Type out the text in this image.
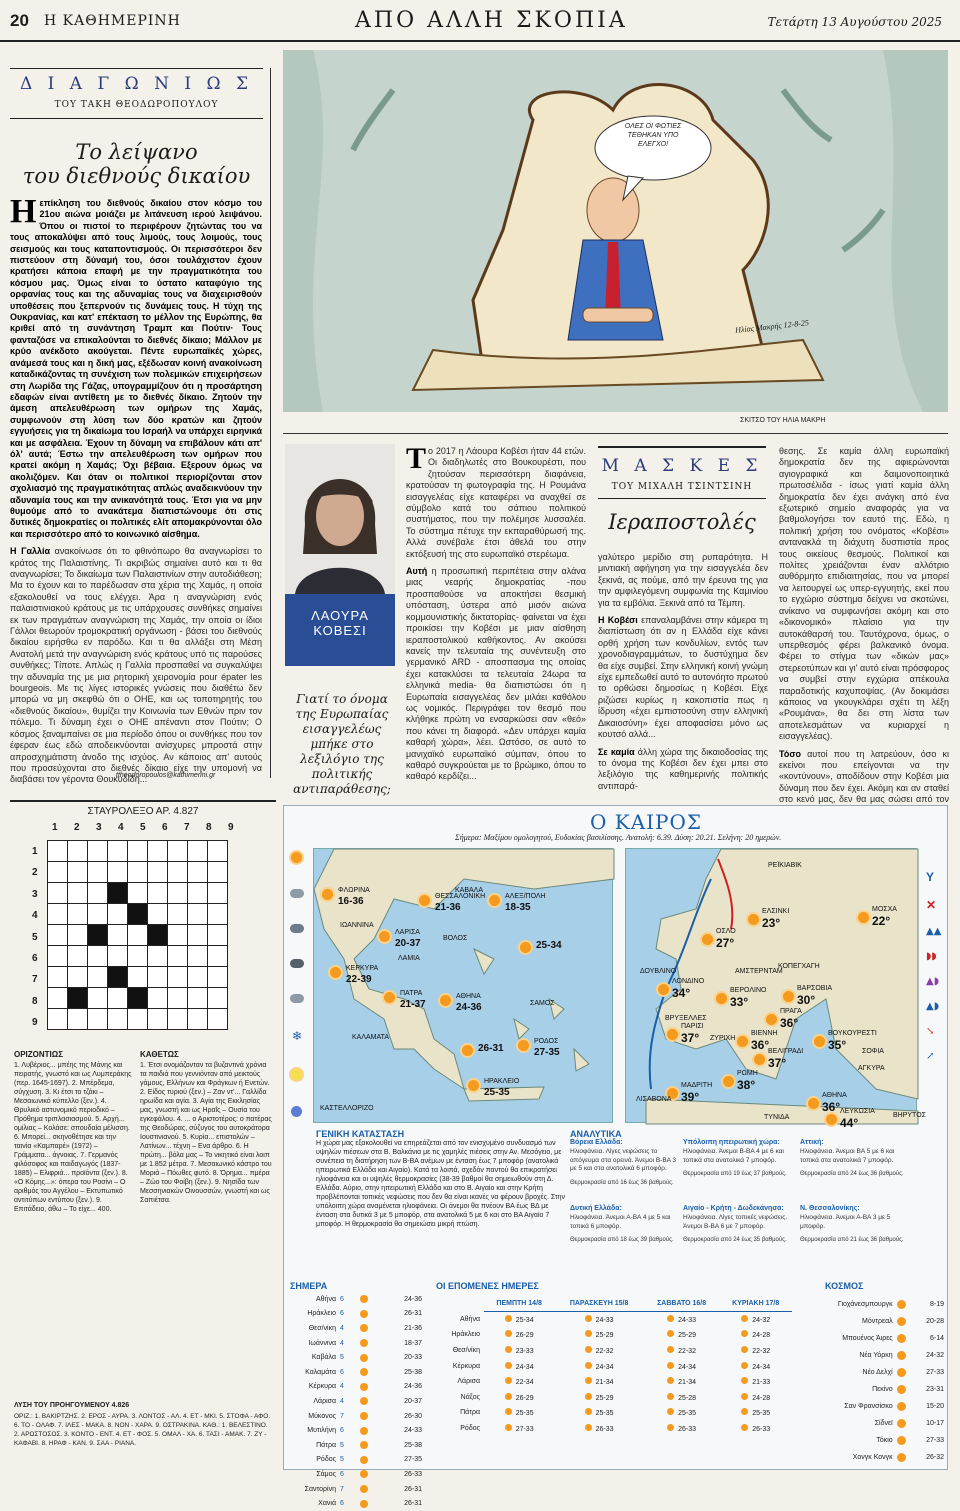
20 Η ΚΑΘΗΜΕΡΙΝΗ	ΑΠΟ ΑΛΛΗ ΣΚΟΠΙΑ	Τετάρτη 13 Αυγούστου 2025
Δ Ι Α Γ Ω Ν Ι Ω Σ
ΤΟΥ ΤΑΚΗ ΘΕΟΔΩΡΟΠΟΥΛΟΥ
Το λείψανο
του διεθνούς δικαίου
Ηεπίκληση του διεθνούς δικαίου στον κόσμο του 21ου αιώνα μοιάζει με λιτάνευση ιερού λειψάνου. Όπου οι πιστοί το περιφέρουν ζητώντας του να τους αποκαλύψει από τους λιμούς, τους λοιμούς, τους σεισμούς και τους καταποντισμούς. Οι περισσότεροι δεν πιστεύουν στη δύναμή του, όσοι τουλάχιστον έχουν κρατήσει κάποια επαφή με την πραγματικότητα του κόσμου μας. Όμως είναι το ύστατο καταφύγιο της ορφανίας τους και της αδυναμίας τους να διαχειρισθούν υποθέσεις που ξεπερνούν τις δυνάμεις τους. Η τύχη της Ουκρανίας, και κατ' επέκταση το μέλλον της Ευρώπης, θα κριθεί από τη συνάντηση Τραμπ και Πούτιν· Τους φανταζόσε να επικαλούνται το διεθνές δίκαιο; Μάλλον με κρύο ανέκδοτο ακούγεται. Πέντε ευρωπαϊκές χώρες, ανάμεσά τους και η δική μας, εξέδωσαν κοινή ανακοίνωση καταδικάζοντας τη συνέχιση των πολεμικών επιχειρήσεων στη Λωρίδα της Γάζας, υπογραμμίζουν ότι η προσάρτηση εδαφών είναι αντίθετη με το διεθνές δίκαιο. Ζητούν την άμεση απελευθέρωση των ομήρων της Χαμάς, συμφωνούν στη λύση των δύο κρατών και ζητούν εγγυήσεις για τη δικαίωμα του Ισραήλ να υπάρχει ειρηνικά και με ασφάλεια. Έχουν τη δύναμη να επιβάλουν κάτι απ' όλ' αυτά; Έστω την απελευθέρωση των ομήρων που κρατεί ακόμη η Χαμάς; Όχι βέβαια. Εξερουν όμως να ακολιζόμεν. Και όταν οι πολιτικοί περιορίζονται στον σχολιασμό της πραγματικότητας απλώς αναδεικνύουν την αδυναμία τους και την ανικανότητά τους. Έτσι για να μην θυμούμε από το ανακάτεμα διαπιστώνουμε ότι στις δυτικές δημοκρατίες οι πολιτικές ελίτ απομακρύνονται όλο και περισσότερο από το κοινωνικό αίσθημα.
Η Γαλλία ανακοίνωσε ότι το φθινόπωρο θα αναγνωρίσει το κράτος της Παλαιστίνης. Τι ακριβώς σημαίνει αυτό και τι θα αναγνωρίσει; Το δικαίωμα των Παλαιστινίων στην αυτοδιάθεση; Μα το έχουν και το παρέδωσαν στα χέρια της Χαμάς, η οποία εξακολουθεί να τους ελέγχει. Άρα η αναγνώριση ενός παλαιστινιακού κράτους με τις υπάρχουσες συνθήκες σημαίνει εκ των πραγμάτων αναγνώριση της Χαμάς, την οποία οι ίδιοι Γάλλοι θεωρούν τρομοκρατική οργάνωση - βάσει του διεθνούς δικαίου ειρήσθω εν παρόδω. Και τι θα αλλάξει στη Μέση Ανατολή μετά την αναγνώριση ενός κράτους υπό τις παρούσες συνθήκες; Τίποτε. Απλώς η Γαλλία προσπαθεί να συγκαλύψει την αδυναμία της με μια ρητορική χειρονομία pour épater les bourgeois. Με τις λίγες ιστορικές γνώσεις που διαθέτω δεν μπορώ να μη σκεφθώ ότι ο ΟΗΕ, και ως τοποτηρητής του «διεθνούς δικαίου», θυμίζει την Κοινωνία των Εθνών πριν τον πόλεμο. Τι δύναμη έχει ο ΟΗΕ απέναντι στον Πούτιν; Ο κόσμος ξαναμπαίνει σε μια περίοδο όπου οι συνθήκες που τον έφεραν έως εδώ αποδεικνύονται ανίσχυρες μπροστά στην απροσχημάτιστη άνοδο της ισχύος. Αν κάποιος απ' αυτούς που προσεύχονται στο διεθνές δίκαιο είχε την υπομονή να διαβάσει τον γέροντα Θουκυδίδη...
ttheodoropoulos@kathimerini.gr
ΟΛΕΣ ΟΙ ΦΩΤΙΕΣ ΤΕΘΗΚΑΝ ΥΠΟ ΕΛΕΓΧΟ!
Ηλίας Μακρής 12-8-25
ΣΚΙΤΣΟ ΤΟΥ ΗΛΙΑ ΜΑΚΡΗ
ΛΑΟΥΡΑ
ΚΟΒΕΣΙ
Γιατί το όνομα της Ευρωπαίας εισαγγελέως μπήκε στο λεξιλόγιο της πολιτικής αντιπαράθεσης;
Το 2017 η Λάουρα Κοβέσι ήταν 44 ετών. Οι διαδηλωτές στο Βουκουρέστι, που ζητούσαν περισσότερη διαφάνεια, κρατούσαν τη φωτογραφία της. Η Ρουμάνα εισαγγελέας είχε καταφέρει να αναχθεί σε σύμβολο κατά του σάπιου πολιτικού συστήματος, που την πολέμησε λυσσαλέα. Το σύστημα πέτυχε την εκπαραθύρωσή της. Αλλά συνέβαλε έτσι άθελά του στην εκτόξευσή της στο ευρωπαϊκό στερέωμα.
Αυτή η προσωπική περιπέτεια στην αλάνα μιας νεαρής δημοκρατίας -που προσπαθούσε να αποκτήσει θεσμική υπόσταση, ύστερα από μισόν αιώνα κομμουνιστικής δικτατορίας- φαίνεται να έχει προικίσει την Κοβέσι με μιαν αίσθηση ιεραποστολικού καθήκοντος. Αν ακούσει κανείς την τελευταία της συνέντευξη στο γερμανικό ARD - αποσπασμα της οποίας έχει κατακλύσει τα τελευταία 24ωρα τα ελληνικά media- θα διαπιστώσει ότι η Ευρωπαία εισαγγελέας δεν μιλάει καθόλου ως νομικός. Περιγράφει τον θεσμό που κλήθηκε πρώτη να ενσαρκώσει σαν «θεό» που κάνει τη διαφορά. «Δεν υπάρχει καμία καθαρή χώρα», λέει. Ωστόσο, σε αυτό το μανιχαϊκό ευρωπαϊκό σύμπαν, όπου το καθαρό συγκρούεται με το βρώμικο, όπου το καθαρό κερδίζει...
Μ Α Σ Κ Ε Σ
ΤΟΥ ΜΙΧΑΛΗ ΤΣΙΝΤΣΙΝΗ
Ιεραποστολές
γαλύτερο μερίδιο στη ρυπαρότητα. Η μιντιακή αφήγηση για την εισαγγελέα δεν ξεκινά, ας πούμε, από την έρευνα της για την αμφιλεγόμενη συμφωνία της Καμινίου για τα εμβόλια. Ξεκινά από τα Τέμπη.
Η Κοβέσι επαναλαμβάνει στην κάμερα τη διαπίστωση ότι αν η Ελλάδα είχε κάνει ορθή χρήση των κονδυλίων, εντός των χρονοδιαγραμμάτων, το δυστύχημα δεν θα είχε συμβεί. Στην ελληνική κοινή γνώμη είχε εμπεδωθεί αυτό το αυτονόητο πρωτού το ορθώσει δημοσίως η Κοβέσι. Είχε ριζώσει κυρίως η κακοπιστία πως η ίδρυση «έχει εμπιστοσύνη στην ελληνική Δικαιοσύνη» έχει αποφασίσει μόνο ως κουτσό αλλά...
Σε καμία άλλη χώρα της δικαιοδοσίας της το όνομα της Κοβέσι δεν έχει μπει στο λεξιλόγιο της καθημερινής πολιτικής αντιπαρά-
θεσης. Σε καμία άλλη ευρωπαϊκή δημοκρατία δεν της αφιερώνονται αγιογραφικά και δαιμονοποιητικά πρωτοσέλιδα - ίσως γιατί καμία άλλη δημοκρατία δεν έχει ανάγκη από ένα εξωτερικό σημείο αναφοράς για να βαθμολογήσει τον εαυτό της. Εδώ, η πολιτική χρήση του ονόματος «Κοβέσι» αντανακλά τη διάχυτη δυσπιστία προς τους οικείους θεσμούς. Πολιτικοί και πολίτες χρειάζονται έναν αλλότριο αυθόρμητο επιδιαιτησίας, που να μπορεί να λειτουργεί ως υπερ-εγγυητής, εκεί που το εγχώριο σύστημα δείχνει να σκοτώνει, ανίκανο να συμφωνήσει ακόμη και στο «δικονομικό» πλαίσιο για την αυτοκάθαρσή του. Ταυτόχρονα, όμως, ο υπερθεσμός φέρει βαλκανικό όνομα. Φέρει το στίγμα των «δικών μας» στερεοτύπων και γι' αυτό είναι πρόσφορος να συμβεί στην εγχώρια απέκουλα παραδοτικής καχυποψίας. (Αν δοκιμάσει κάποιος να γκουγκλάρει σχέτι τη λέξη «Ρουμάνα», θα δει στη λίστα των αποτελεσμάτων να κυριαρχεί η εισαγγελέας).
Τόσο αυτοί που τη λατρεύουν, όσο κι εκείνοι που επείγονται να την «κοντύνουν», αποδίδουν στην Κοβέσι μια δύναμη που δεν έχει. Ακόμη και αν σταθεί στο κενό μας, δεν θα μας σώσει από τον
ΣΤΑΥΡΟΛΕΞΟ ΑΡ. 4.827
1 2 3 4 5 6 7 8 9
1
2
3
4
5
6
7
8
9

ΟΡΙΖΟΝΤΙΩΣ	ΚΑΘΕΤΩΣ
1. Λυβέριος... μπέης της Μάνης και πειρατής, γνωστό και ως Λυμπεράκης (περ. 1645-1697). 2. Μπέρδεμα, σύγχυση. 3. Κι έτσι το τζάκι – Μεσαιωνικό κύπελλο (ξεν.). 4. Θρυλικό αστυνομικό περιοδικό – Πρόθημα τριπλασιασμού. 5. Αρχή... ομίλιας – Κολάσε: σπουδαία μέλισση. 6. Μπορεί... σκηνοθέτησε και την ταινία «Καμπαρέ» (1972) – Γράμματα... άγνοιας. 7. Γερμανός φιλόσοφος και παιδαγωγός (1837-1885) – Ελιφριά... προϊόντα (ξεν.). 8. «Ο Κόμης...»: όπερα του Ροσίνι – Ο αριθμός του Αγγέλου – Εκτυπωτικό αντιτύπων εντύπου (ξεν.). 9. Επιτάδειο, άθω – Το είχε... 400.
1. Έτσι ονομάζονταν τα βυζαντινά χρόνια τα παιδιά που γεννιόνταν από μεικτούς γάμους, Ελλήνων και Φράγκων ή Ενετών. 2. Είδος τυριού (ξεν.) – Ζαν ντ'... Γαλλίδα ηρωίδα και αγία. 3. Αγία της Εκκλησίας μας, γνωστή και ως Ηραΐς – Ουσία του εγκεφάλου. 4. ... ο Αριστοτέρος: ο πατέρας της Θεοδώρας, σύζυγος του αυτοκράτορα Ιουστινιανού. 5. Κυρία... επιστολών – Λατίνων... τέχνη – Ενα άρθρο. 6. Η πρώτη... βόλα μας – Το νικητικό είναι λοιπ με 1.852 μέτρα. 7. Μεσαιωνικό κάστρο του Μοριά – Πόωθες φυτό. 8. Όρημα... πμέρα – Ζώο του Φοίβη (ξεν.). 9. Νησίδα των Μεσσηνιακών Οινουσσών, γνωστή και ως Σαπιέτσα.
ΛΥΣΗ ΤΟΥ ΠΡΟΗΓΟΥΜΕΝΟΥ 4.826
ΟΡΙΖ.: 1. ΒΑΚΙΡΤΖΗΣ. 2. ΕΡΟΣ - ΑΥΡΑ. 3. ΛΟΝΤΟΣ - ΑΛ. 4. ΕΤ - ΜΚΙ. 5. ΣΤΟΦΑ - ΑΦΟ. 6. ΤΟ - ΟΛΑΦ. 7. ΙΛΕΣ - ΜΑΚΑ. 8. ΝΟΝ - ΧΑΡΑ. 9. ΟΣΤΡΑΚΙΝΑ. ΚΑΘ.: 1. ΒΕΛΕΣΤΙΝΟ. 2. ΑΡΩΣΤΟΣΟΣ. 3. ΚΟΝΤΟ - ΕΝΤ. 4. ΕΤ - ΦΟΣ. 5. ΟΜΑΛ - ΧΑ. 6. ΤΑΣΙ - ΑΜΑΚ. 7. ΖΥ - ΚΑΦΑΒΙ. 8. ΗΡΑΦ - ΚΑΝ. 9. ΣΑΑ - ΡΙΑΝΑ.
Ο ΚΑΙΡΟΣ
Σήμερα: Μαξίμου ομολογητού, Ευδοκίας βασιλίσσης. Ανατολή: 6.39. Δύση: 20.21. Σελήνη: 20 ημερών.
❄
Y
✕
▲▲
◗◗
▲◗
▲◗
↘
↗
ΚΑΒΑΛΑ
ΦΛΩΡΙΝΑ
16-36	ΘΕΣΣΑΛΟΝΙΚΗ
21-36
ΑΛΕΞ/ΠΟΛΗ
18-35
ΙΩΑΝΝΙΝΑ
ΛΑΡΙΣΑ
20-37	ΒΟΛΟΣ
ΛΑΜΙΑ
ΚΕΡΚΥΡΑ
22-39
25-34
ΠΑΤΡΑ
21-37
ΑΘΗΝΑ
24-36	ΣΑΜΟΣ
ΚΑΛΑΜΑΤΑ
ΡΟΔΟΣ
27-35
26-31
ΗΡΑΚΛΕΙΟ
25-35
ΚΑΣΤΕΛΛΟΡΙΖΟ
ΡΕΪΚΙΑΒΙΚ
ΕΛΣΙΝΚΙ
23°
ΜΟΣΧΑ
22°
ΟΣΛΟ
27°
ΑΜΣΤΕΡΝΤΑΜ
ΚΟΠΕΓΧΑΓΗ
ΔΟΥΒΛΙΝΟ
ΛΟΝΔΙΝΟ
34°	ΒΕΡΟΛΙΝΟ
33°
ΒΑΡΣΟΒΙΑ
30°
ΠΡΑΓΑ
36°
ΒΡΥΞΕΛΛΕΣ
ΠΑΡΙΣΙ
37° ΖΥΡΙΧΗ
ΒΙΕΝΝΗ
36°
ΒΟΥΚΟΥΡΕΣΤΙ
35°
ΒΕΛΙΓΡΑΔΙ
37°
ΣΟΦΙΑ
ΜΑΔΡΙΤΗ
39°
ΡΩΜΗ
38°
ΑΓΚΥΡΑ
ΛΙΣΑΒΟΝΑ
ΑΘΗΝΑ
36° ΛΕΥΚΩΣΙΑ
44°
ΤΥΝΙΔΑ	ΒΗΡΥΤΟΣ
ΓΕΝΙΚΗ ΚΑΤΑΣΤΑΣΗ
Η χώρα μας εξακολουθεί να επηρεάζεται από τον ενισχυμένο συνδυασμό των υψηλών πιέσεων στα Β. Βαλκάνια με τις χαμηλές πιέσεις στην Αν. Μεσόγειο, με συνέπεια τη διατήρηση των Β-ΒΑ ανέμων με ένταση έως 7 μποφόρ (ανατολικά ηπειρωτικά Ελλάδα και Αιγαίο). Κατά τα λοιπά, σχεδόν παντού θα επικρατήσει ηλιοφάνεια και οι υψηλές θερμοκρασίες (38-39 βαθμοί θα σημειωθούν στη Δ. Ελλάδα. Αύριο, στην ηπειρωτική Ελλάδα και στο Β. Αιγαίο και στην Κρήτη προβλέπονται τοπικές νεφώσεις που δεν θα είναι ικανές να φέρουν βροχές. Στην υπόλοιπη χώρα αναμένεται ηλιοφάνεια. Οι άνεμοι θα πνέουν ΒΑ έως ΒΔ με ένταση στα δυτικά 3 με 5 μποφόρ, στα ανατολικά 5 με 6 και στο ΒΑ Αιγαίο 7 μποφόρ. Η θερμοκρασία θα σημειώσει μικρή πτώση.
ΑΝΑΛΥΤΙΚΑ
Βόρεια Ελλάδα:
Ηλιοφάνεια. Λίγες νεφώσεις το απόγευμα στα ορεινά. Άνεμοι Β-ΒΑ 3 με 5 και στα ανατολικά 6 μποφόρ.
Θερμοκρασία από 16 έως 36 βαθμούς.
Υπόλοιπη ηπειρωτική χώρα:
Ηλιοφάνεια. Άνεμοι Β-ΒΑ 4 με 6 και τοπικά στα ανατολικά 7 μποφόρ.
Θερμοκρασία από 19 έως 37 βαθμούς.
Αττική:
Ηλιοφάνεια. Άνεμοι ΒΑ 5 με 6 και τοπικά στα ανατολικά 7 μποφόρ.
Θερμοκρασία από 24 έως 36 βαθμούς.
Δυτική Ελλάδα:
Ηλιοφάνεια. Άνεμοι Α-ΒΑ 4 με 5 και τοπικά 6 μποφόρ.
Θερμοκρασία από 18 έως 39 βαθμούς.
Αιγαίο - Κρήτη - Δωδεκάνησα:
Ηλιοφάνεια. Λίγες τοπικές νεφώσεις. Άνεμοι Β-ΒΑ 6 με 7 μποφόρ.
Θερμοκρασία από 24 έως 35 βαθμούς.
Ν. Θεσσαλονίκης:
Ηλιοφάνεια. Άνεμοι Α-ΒΑ 3 με 5 μποφόρ.
Θερμοκρασία από 21 έως 36 βαθμούς.
ΣΗΜΕΡΑ
Αθήνα	6		24-36
Ηράκλειο	6		26-31
Θεσ/νίκη	4		21-36
Ιωάννινα	4		18-37
Καβάλα	5		20-33
Καλαμάτα	6		25-38
Κέρκυρα	4		24-36
Λάρισα	4		20-37
Μύκονος	7		26-30
Μυτιλήνη	6		24-33
Πάτρα	5		25-38
Ρόδος	5		27-35
Σάμος	6		26-33
Σαντορίνη	7		26-31
Χανιά	6		26-31
ΟΙ ΕΠΟΜΕΝΕΣ ΗΜΕΡΕΣ
	ΠΕΜΠΤΗ 14/8	ΠΑΡΑΣΚΕΥΗ 15/8	ΣΑΒΒΑΤΟ 16/8	ΚΥΡΙΑΚΗ 17/8
Αθήνα	25-34	24-33	24-33	24-32
Ηράκλειο	26-29	25-29	25-29	24-28
Θεσ/νίκη	23-33	22-32	22-32	22-32
Κέρκυρα	24-34	24-34	24-34	24-34
Λάρισα	22-34	21-34	21-34	21-33
Νάξος	26-29	25-29	25-28	24-28
Πάτρα	25-35	25-35	25-35	25-35
Ρόδος	27-33	26-33	26-33	26-33
ΚΟΣΜΟΣ
Γιοχάνεσμπουργκ		8-19
Μόντρεαλ		20-28
Μπουένος Άιρες		6-14
Νέα Υόρκη		24-32
Νέο Δελχί		27-33
Πεκίνο		23-31
Σαν Φρανσίσκο		15-20
Σίδνεϊ		10-17
Τόκιο		27-33
Χονγκ Κονγκ		26-32
